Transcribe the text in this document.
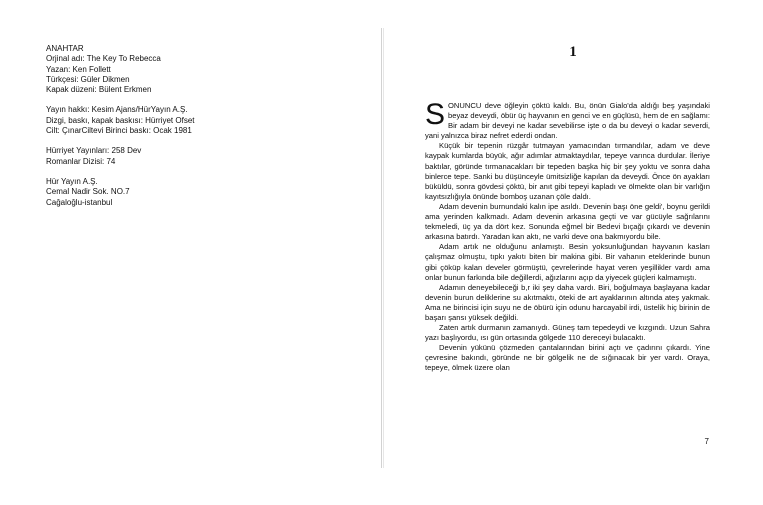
ANAHTAR
Orjinal adı: The Key To Rebecca
Yazan: Ken Follett
Türkçesi: Güler Dikmen
Kapak düzeni: Bülent Erkmen
Yayın hakkı: Kesim Ajans/HürYayın A.Ş.
Dizgi, baskı, kapak baskısı: Hürriyet Ofset
Cilt: ÇınarCiltevi Birinci baskı: Ocak 1981
Hürriyet Yayınları: 258 Dev
Romanlar Dizisi: 74
Hür Yayın A.Ş.
Cemal Nadir Sok. NO.7
Cağaloğlu-istanbul
1

SONUNCU deve öğleyin çöktü kaldı. Bu, önün Gialo'da aldığı beş yaşındaki beyaz deveydi, öbür üç hayvanın en genci ve en güçlüsü, hem de en sağlamı: Bir adam bir deveyi ne kadar sevebilirse işte o da bu deveyi o kadar severdi, yani yalnızca biraz nefret ederdi ondan.

Küçük bir tepenin rüzgâr tutmayan yamacından tırmandılar, adam ve deve kaypak kumlarda büyük, ağır adımlar atmaktaydılar, tepeye varınca durdular. İleriye baktılar, göründe tırmanacakları bir tepeden başka hiç bir şey yoktu ve sonra daha binlerce tepe. Sanki bu düşünceyle ümitsizliğe kapılan da deveydi. Önce ön ayakları büküldü, sonra gövdesi çöktü, bir anıt gibi tepeyi kapladı ve ölmekte olan bir varlığın kayıtsızlığıyla önünde bomboş uzanan çöle daldı.

Adam devenin burnundaki kalın ipe asıldı. Devenin başı öne geldi', boynu gerildi ama yerinden kalkmadı. Adam devenin arkasına geçti ve var gücüyle sağrılarını tekmeledi, üç ya da dört kez. Sonunda eğmel bir Bedevi bıçağı çıkardı ve devenin arkasına batırdı. Yaradan kan aktı, ne varki deve ona bakmıyordu bile.

Adam artık ne olduğunu anlamıştı. Besin yoksunluğundan hayvanın kasları çalışmaz olmuştu, tıpkı yakıtı biten bir makina gibi. Bir vahanın eteklerinde bunun gibi çöküp kalan develer görmüştü, çevrelerinde hayat veren yeşillikler vardı ama onlar bunun farkında bile değillerdi, ağızlarını açıp da yiyecek güçleri kalmamıştı.

Adamın deneyebileceği b,r iki şey daha vardı. Biri, boğulmaya başlayana kadar devenin burun deliklerine su akıtmaktı, öteki de art ayaklarının altında ateş yakmak. Ama ne birincisi için suyu ne de öbürü için odunu harcayabil irdi, üstelik hiç birinin de başarı şansı yüksek değildi.

Zaten artık durmanın zamanıydı. Güneş tam tepedeydi ve kızgındı. Uzun Sahra yazı başlıyordu, ısı gün ortasında gölgede 110 dereceyi bulacaktı.

Devenin yükünü çözmeden çantalarından birini açtı ve çadırını çıkardı. Yine çevresine bakındı, göründe ne bir gölgelik ne de sığınacak bir yer vardı. Oraya, tepeye, ölmek üzere olan

7
